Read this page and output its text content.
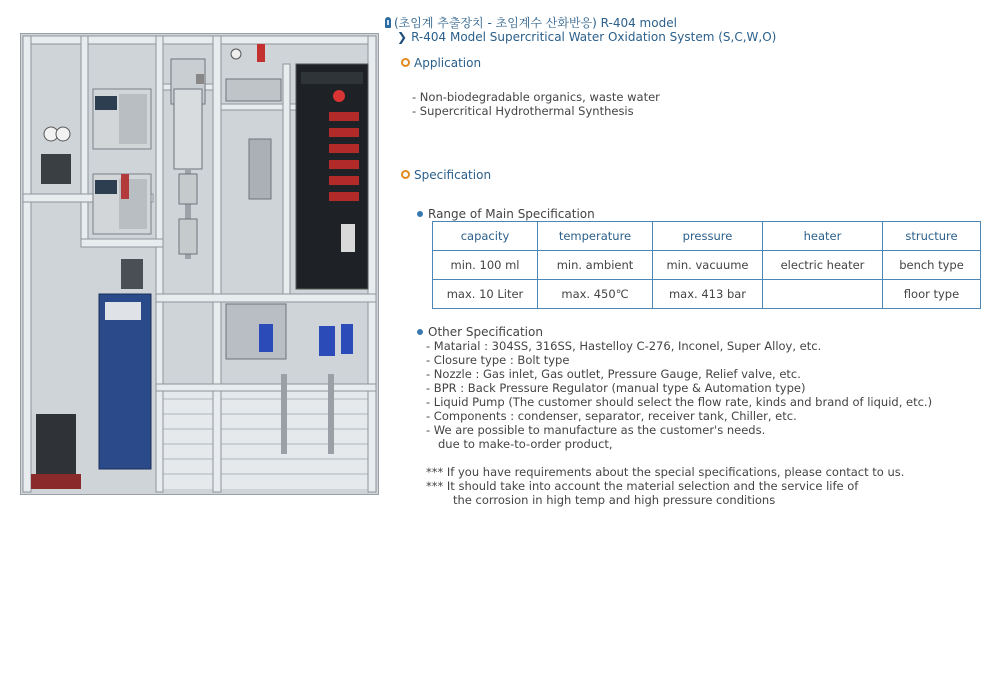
(초임계 추출장치 - 초임계수 산화반응) R-404 model
❯ R-404 Model Supercritical Water Oxidation System (S,C,W,O)
Application
- Non-biodegradable organics, waste water
- Supercritical Hydrothermal Synthesis
Specification
Range of Main Specification
capacity	temperature	pressure	heater	structure
min. 100 ml	min. ambient	min. vacuume	electric heater	bench type
max. 10 Liter	max. 450℃	max. 413 bar		floor type
Other Specification
- Matarial : 304SS, 316SS, Hastelloy C-276, Inconel, Super Alloy, etc.
- Closure type : Bolt type
- Nozzle : Gas inlet, Gas outlet, Pressure Gauge, Relief valve, etc.
- BPR : Back Pressure Regulator (manual type & Automation type)
- Liquid Pump (The customer should select the flow rate, kinds and brand of liquid, etc.)
- Components : condenser, separator, receiver tank, Chiller, etc.
- We are possible to manufacture as the customer's needs.
due to make-to-order product,
*** If you have requirements about the special specifications, please contact to us.
*** It should take into account the material selection and the service life of
the corrosion in high temp and high pressure conditions
